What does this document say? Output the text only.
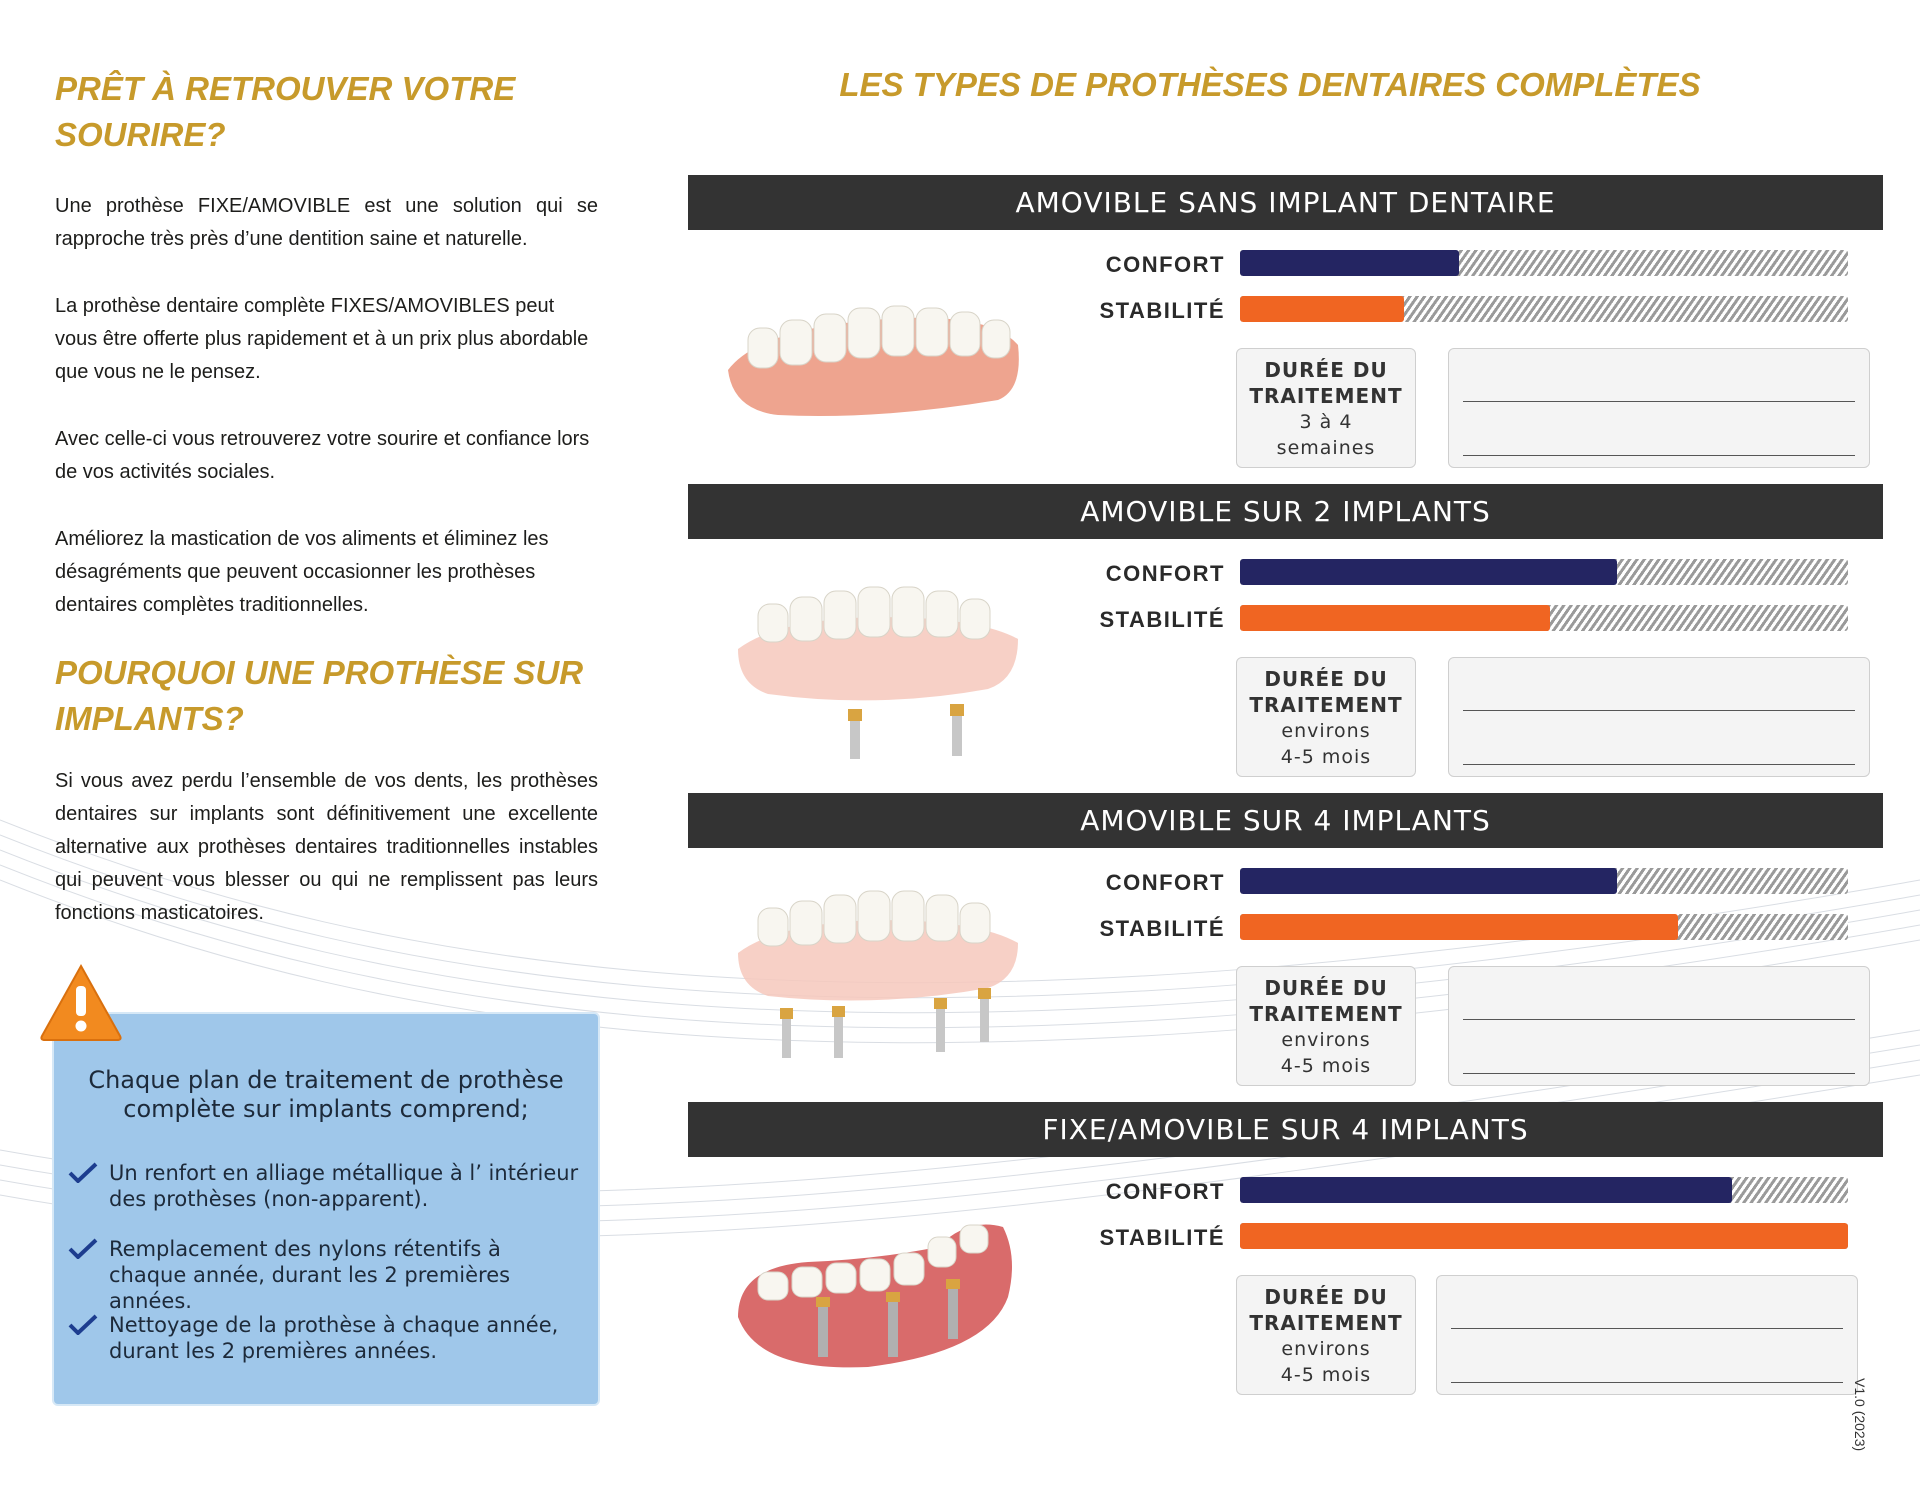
PRÊT À RETROUVER VOTRE SOURIRE?
Une prothèse FIXE/AMOVIBLE est une solution qui se rapproche très près d’une dentition saine et naturelle.
La prothèse dentaire complète FIXES/AMOVIBLES peut vous être offerte plus rapidement et à un prix plus abordable que vous ne le pensez.
Avec celle-ci vous retrouverez votre sourire et confiance lors de vos activités sociales.
Améliorez la mastication de vos aliments et éliminez les désagréments que peuvent occasionner les prothèses dentaires complètes traditionnelles.
POURQUOI UNE PROTHÈSE SUR IMPLANTS?
Si vous avez perdu l’ensemble de vos dents, les prothèses dentaires sur implants sont définitivement une excellente alternative aux prothèses dentaires traditionnelles instables qui peuvent vous blesser ou qui ne remplissent pas leurs fonctions masticatoires.
Chaque plan de traitement de prothèse complète sur implants comprend;
Un renfort en alliage métallique à l’ intérieur des prothèses (non-apparent).
Remplacement des nylons rétentifs à chaque année, durant les 2 premières années.
Nettoyage de la prothèse à chaque année, durant les 2 premières années.
LES TYPES DE PROTHÈSES DENTAIRES COMPLÈTES
AMOVIBLE SANS IMPLANT DENTAIRE
CONFORT
STABILITÉ
DURÉE DU
TRAITEMENT
3 à 4
semaines
AMOVIBLE SUR 2 IMPLANTS
CONFORT
STABILITÉ
DURÉE DU
TRAITEMENT
environs
4-5 mois
AMOVIBLE SUR 4 IMPLANTS
CONFORT
STABILITÉ
DURÉE DU
TRAITEMENT
environs
4-5 mois
FIXE/AMOVIBLE SUR 4 IMPLANTS
CONFORT
STABILITÉ
DURÉE DU
TRAITEMENT
environs
4-5 mois
V1.0 (2023)
